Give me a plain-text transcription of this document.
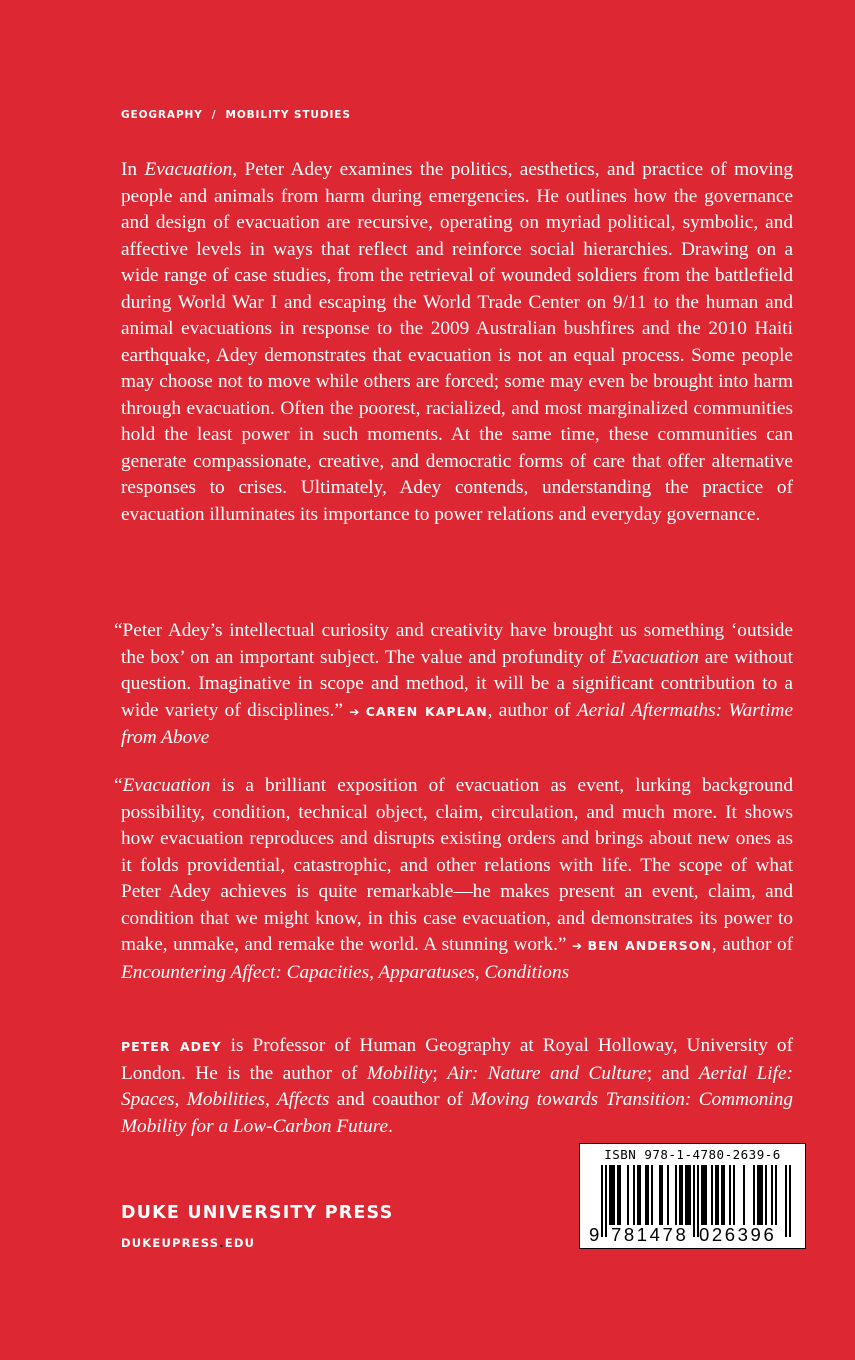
GEOGRAPHY / MOBILITY STUDIES

In Evacuation, Peter Adey examines the politics, aesthetics, and practice of moving people and animals from harm during emergencies. He outlines how the governance and design of evacuation are recursive, operating on myriad political, symbolic, and affective levels in ways that reflect and reinforce social hierarchies. Drawing on a wide range of case studies, from the retrieval of wounded soldiers from the battlefield during World War I and escaping the World Trade Center on 9/11 to the human and animal evacuations in response to the 2009 Australian bushfires and the 2010 Haiti earthquake, Adey demonstrates that evacuation is not an equal process. Some people may choose not to move while others are forced; some may even be brought into harm through evacuation. Often the poorest, racialized, and most marginalized communities hold the least power in such moments. At the same time, these communities can generate compassionate, creative, and democratic forms of care that offer alternative responses to crises. Ultimately, Adey contends, understanding the practice of evacuation illuminates its importance to power relations and everyday governance.

“Peter Adey’s intellectual curiosity and creativity have brought us something ‘outside the box’ on an important subject. The value and profundity of Evacuation are without question. Imaginative in scope and method, it will be a significant contribution to a wide variety of disciplines.” ➔ CAREN KAPLAN, author of Aerial Aftermaths: Wartime from Above

“Evacuation is a brilliant exposition of evacuation as event, lurking background possibility, condition, technical object, claim, circulation, and much more. It shows how evacuation reproduces and disrupts existing orders and brings about new ones as it folds providential, catastrophic, and other relations with life. The scope of what Peter Adey achieves is quite remarkable—he makes present an event, claim, and condition that we might know, in this case evacuation, and demonstrates its power to make, unmake, and remake the world. A stunning work.” ➔ BEN ANDERSON, author of Encountering Affect: Capacities, Apparatuses, Conditions

PETER ADEY is Professor of Human Geography at Royal Holloway, University of London. He is the author of Mobility; Air: Nature and Culture; and Aerial Life: Spaces, Mobilities, Affects and coauthor of Moving towards Transition: Commoning Mobility for a Low-Carbon Future.

DUKE UNIVERSITY PRESS
DUKEUPRESS.EDU
ISBN 978-1-4780-2639-6
9 781478 026396
